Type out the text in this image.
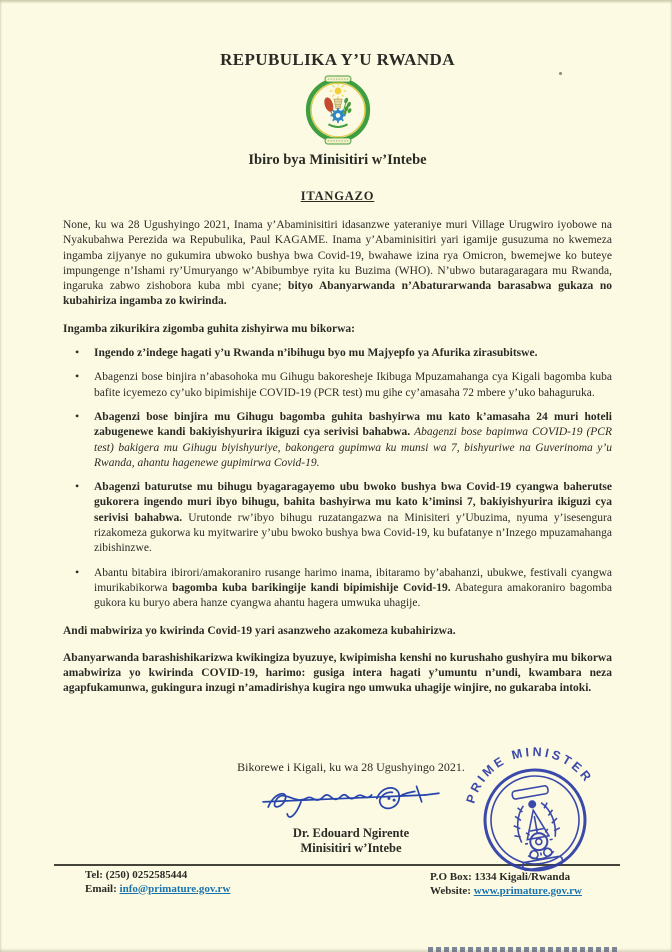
REPUBULIKA Y’U RWANDA
Ibiro bya Minisitiri w’Intebe
ITANGAZO

None, ku wa 28 Ugushyingo 2021, Inama y’Abaminisitiri idasanzwe yateraniye muri Village Urugwiro iyobowe na Nyakubahwa Perezida wa Repubulika, Paul KAGAME. Inama y’Abaminisitiri yari igamije gusuzuma no kwemeza ingamba zijyanye no gukumira ubwoko bushya bwa Covid-19, bwahawe izina rya Omicron, bwemejwe ko buteye impungenge n’Ishami ry’Umuryango w’Abibumbye ryita ku Buzima (WHO). N’ubwo butaragaragara mu Rwanda, ingaruka zabwo zishobora kuba mbi cyane; bityo Abanyarwanda n’Abaturarwanda barasabwa gukaza no kubahiriza ingamba zo kwirinda.

Ingamba zikurikira zigomba guhita zishyirwa mu bikorwa:

• Ingendo z’indege hagati y’u Rwanda n’ibihugu byo mu Majyepfo ya Afurika zirasubitswe.
• Abagenzi bose binjira n’abasohoka mu Gihugu bakoresheje Ikibuga Mpuzamahanga cya Kigali bagomba kuba bafite icyemezo cy’uko bipimishije COVID-19 (PCR test) mu gihe cy’amasaha 72 mbere y’uko bahaguruka.
• Abagenzi bose binjira mu Gihugu bagomba guhita bashyirwa mu kato k’amasaha 24 muri hoteli zabugenewe kandi bakiyishyurira ikiguzi cya serivisi bahabwa. Abagenzi bose bapimwa COVID-19 (PCR test) bakigera mu Gihugu biyishyuriye, bakongera gupimwa ku munsi wa 7, bishyuriwe na Guverinoma y’u Rwanda, ahantu hagenewe gupimirwa Covid-19.
• Abagenzi baturutse mu bihugu byagaragayemo ubu bwoko bushya bwa Covid-19 cyangwa baherutse gukorera ingendo muri ibyo bihugu, bahita bashyirwa mu kato k’iminsi 7, bakiyishyurira ikiguzi cya serivisi bahabwa. Urutonde rw’ibyo bihugu ruzatangazwa na Minisiteri y’Ubuzima, nyuma y’isesengura rizakomeza gukorwa ku myitwarire y’ubu bwoko bushya bwa Covid-19, ku bufatanye n’Inzego mpuzamahanga zibishinzwe.
• Abantu bitabira ibirori/amakoraniro rusange harimo inama, ibitaramo by’abahanzi, ubukwe, festivali cyangwa imurikabikorwa bagomba kuba barikingije kandi bipimishije Covid-19. Abategura amakoraniro bagomba gukora ku buryo abera hanze cyangwa ahantu hagera umwuka uhagije.

Andi mabwiriza yo kwirinda Covid-19 yari asanzweho azakomeza kubahirizwa.

Abanyarwanda barashishikarizwa kwikingiza byuzuye, kwipimisha kenshi no kurushaho gushyira mu bikorwa amabwiriza yo kwirinda COVID-19, harimo: gusiga intera hagati y’umuntu n’undi, kwambara neza agapfukamunwa, gukingura inzugi n’amadirishya kugira ngo umwuka uhagije winjire, no gukaraba intoki.

Bikorewe i Kigali, ku wa 28 Ugushyingo 2021.
Dr. Edouard Ngirente
Minisitiri w’Intebe
PRIME MINISTER
Tel: (250) 0252585444
Email: info@primature.gov.rw
P.O Box: 1334 Kigali/Rwanda
Website: www.primature.gov.rw
